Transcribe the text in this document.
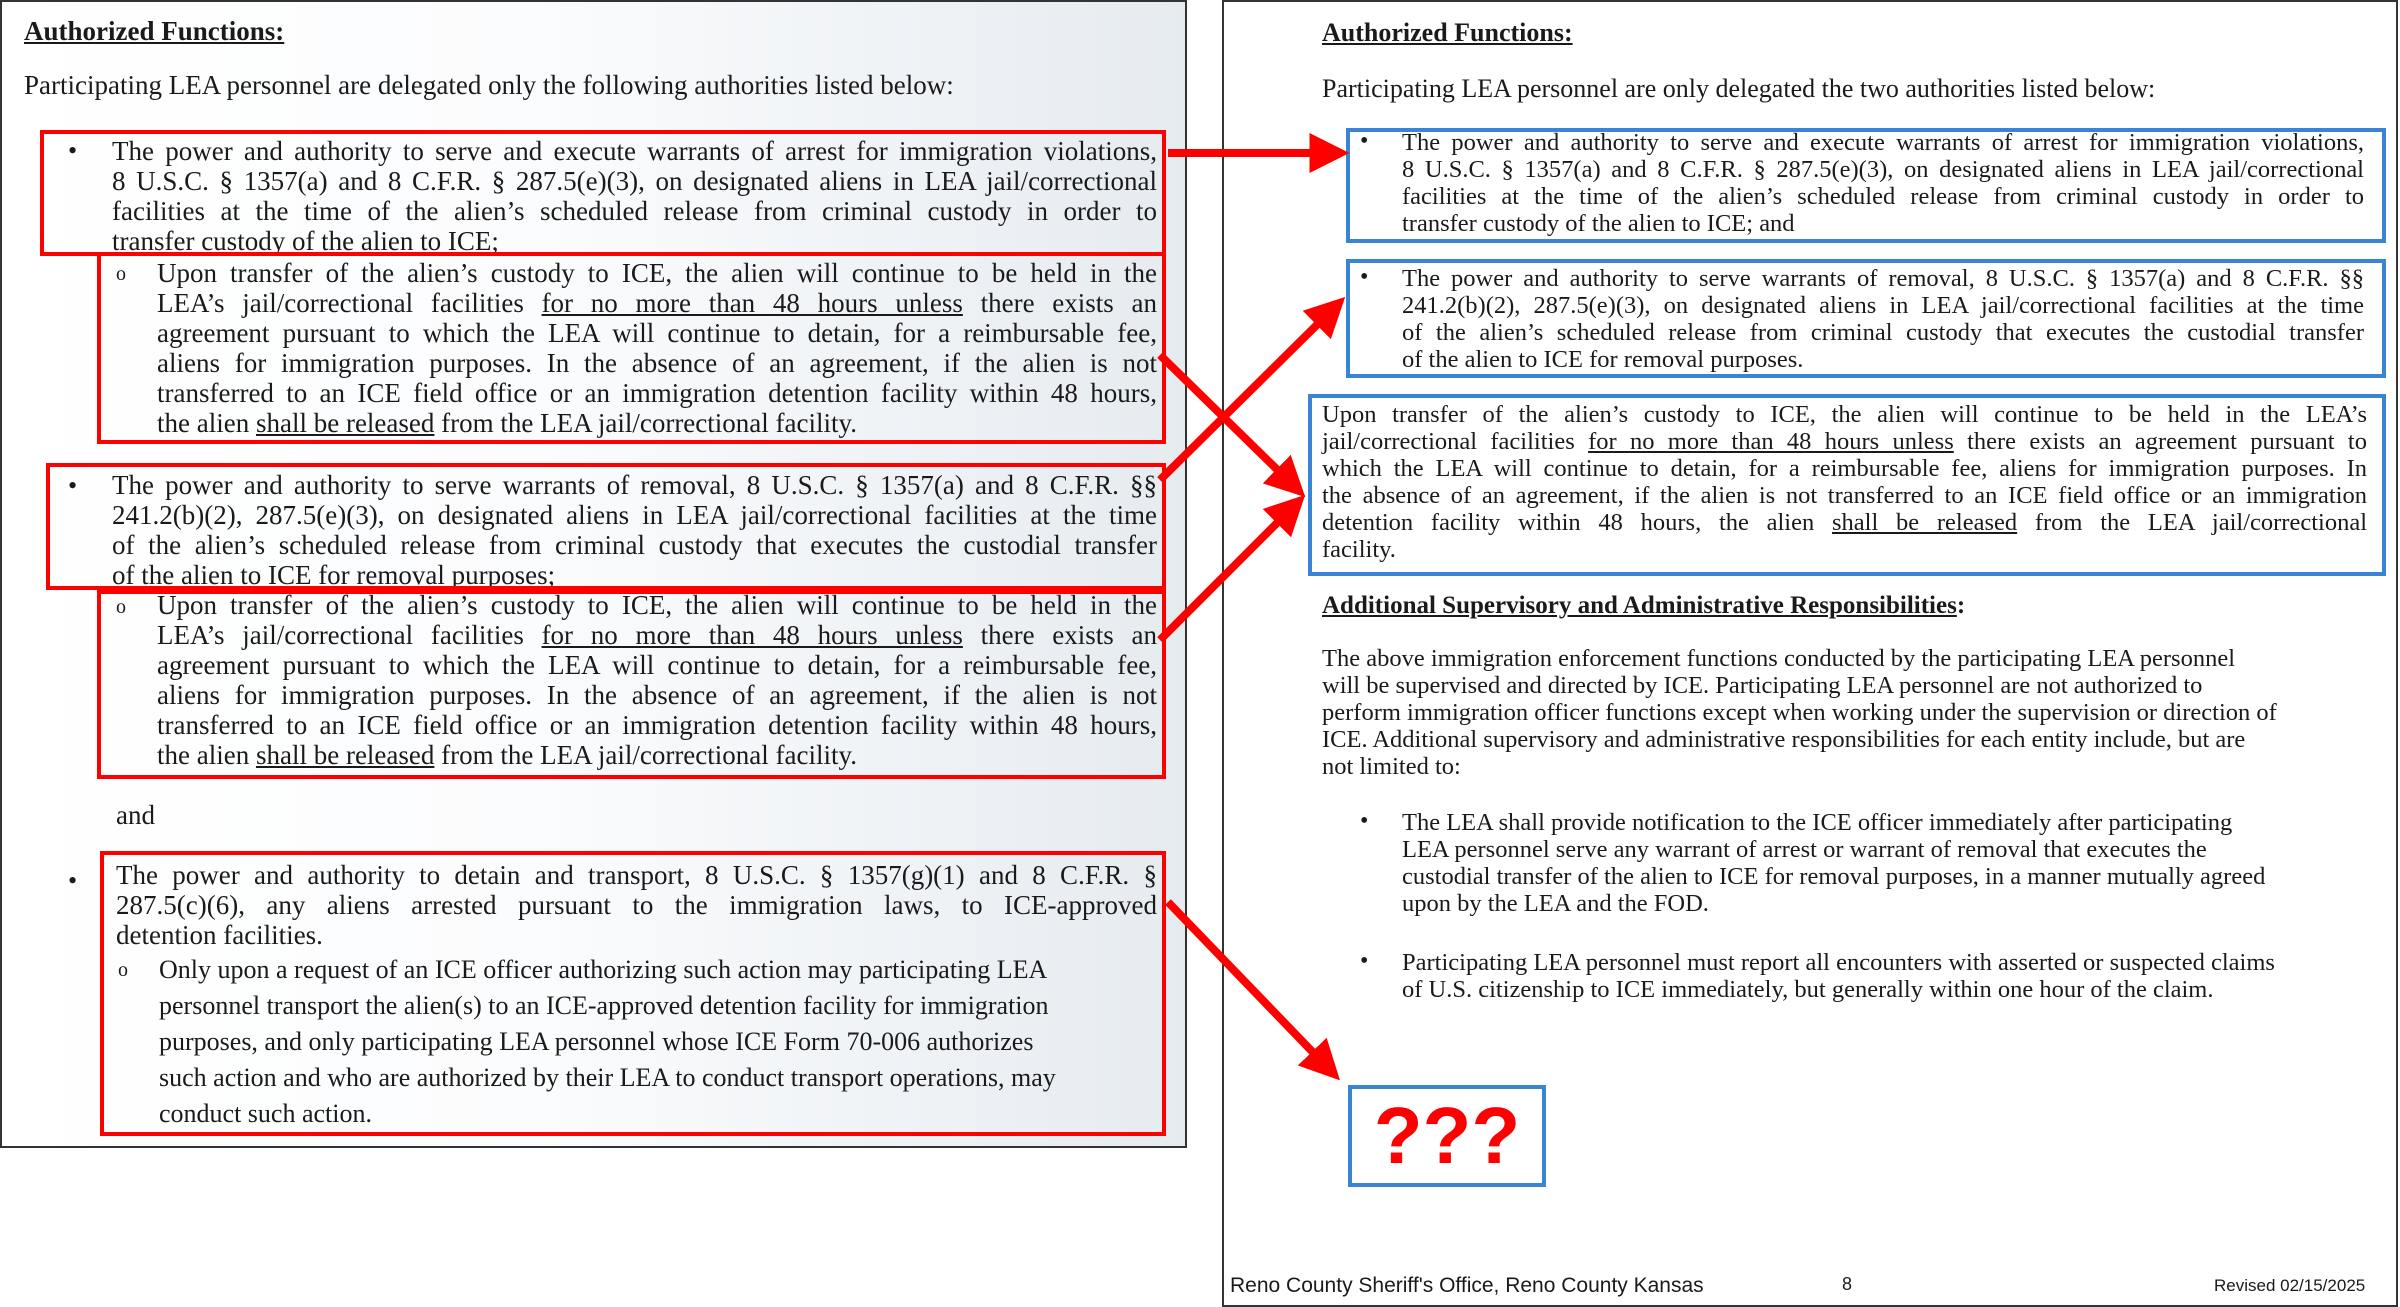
Authorized Functions:
Participating LEA personnel are delegated only the following authorities listed below:
• The power and authority to serve and execute warrants of arrest for immigration violations,
8 U.S.C. § 1357(a) and 8 C.F.R. § 287.5(e)(3), on designated aliens in LEA jail/correctional
facilities at the time of the alien’s scheduled release from criminal custody in order to
transfer custody of the alien to ICE;
o Upon transfer of the alien’s custody to ICE, the alien will continue to be held in the
LEA’s jail/correctional facilities for no more than 48 hours unless there exists an
agreement pursuant to which the LEA will continue to detain, for a reimbursable fee,
aliens for immigration purposes. In the absence of an agreement, if the alien is not
transferred to an ICE field office or an immigration detention facility within 48 hours,
the alien shall be released from the LEA jail/correctional facility.
• The power and authority to serve warrants of removal, 8 U.S.C. § 1357(a) and 8 C.F.R. §§
241.2(b)(2), 287.5(e)(3), on designated aliens in LEA jail/correctional facilities at the time
of the alien’s scheduled release from criminal custody that executes the custodial transfer
of the alien to ICE for removal purposes;
o Upon transfer of the alien’s custody to ICE, the alien will continue to be held in the
LEA’s jail/correctional facilities for no more than 48 hours unless there exists an
agreement pursuant to which the LEA will continue to detain, for a reimbursable fee,
aliens for immigration purposes. In the absence of an agreement, if the alien is not
transferred to an ICE field office or an immigration detention facility within 48 hours,
the alien shall be released from the LEA jail/correctional facility.
and
• The power and authority to detain and transport, 8 U.S.C. § 1357(g)(1) and 8 C.F.R. §
287.5(c)(6), any aliens arrested pursuant to the immigration laws, to ICE-approved
detention facilities.
o Only upon a request of an ICE officer authorizing such action may participating LEA
personnel transport the alien(s) to an ICE-approved detention facility for immigration
purposes, and only participating LEA personnel whose ICE Form 70-006 authorizes
such action and who are authorized by their LEA to conduct transport operations, may
conduct such action.
Authorized Functions:
Participating LEA personnel are only delegated the two authorities listed below:
• The power and authority to serve and execute warrants of arrest for immigration violations,
8 U.S.C. § 1357(a) and 8 C.F.R. § 287.5(e)(3), on designated aliens in LEA jail/correctional
facilities at the time of the alien’s scheduled release from criminal custody in order to
transfer custody of the alien to ICE; and
• The power and authority to serve warrants of removal, 8 U.S.C. § 1357(a) and 8 C.F.R. §§
241.2(b)(2), 287.5(e)(3), on designated aliens in LEA jail/correctional facilities at the time
of the alien’s scheduled release from criminal custody that executes the custodial transfer
of the alien to ICE for removal purposes.
Upon transfer of the alien’s custody to ICE, the alien will continue to be held in the LEA’s
jail/correctional facilities for no more than 48 hours unless there exists an agreement pursuant to
which the LEA will continue to detain, for a reimbursable fee, aliens for immigration purposes. In
the absence of an agreement, if the alien is not transferred to an ICE field office or an immigration
detention facility within 48 hours, the alien shall be released from the LEA jail/correctional
facility.
Additional Supervisory and Administrative Responsibilities:
The above immigration enforcement functions conducted by the participating LEA personnel
will be supervised and directed by ICE. Participating LEA personnel are not authorized to
perform immigration officer functions except when working under the supervision or direction of
ICE. Additional supervisory and administrative responsibilities for each entity include, but are
not limited to:
• The LEA shall provide notification to the ICE officer immediately after participating
LEA personnel serve any warrant of arrest or warrant of removal that executes the
custodial transfer of the alien to ICE for removal purposes, in a manner mutually agreed
upon by the LEA and the FOD.
• Participating LEA personnel must report all encounters with asserted or suspected claims
of U.S. citizenship to ICE immediately, but generally within one hour of the claim.
???
Reno County Sheriff's Office, Reno County Kansas	8	Revised 02/15/2025
